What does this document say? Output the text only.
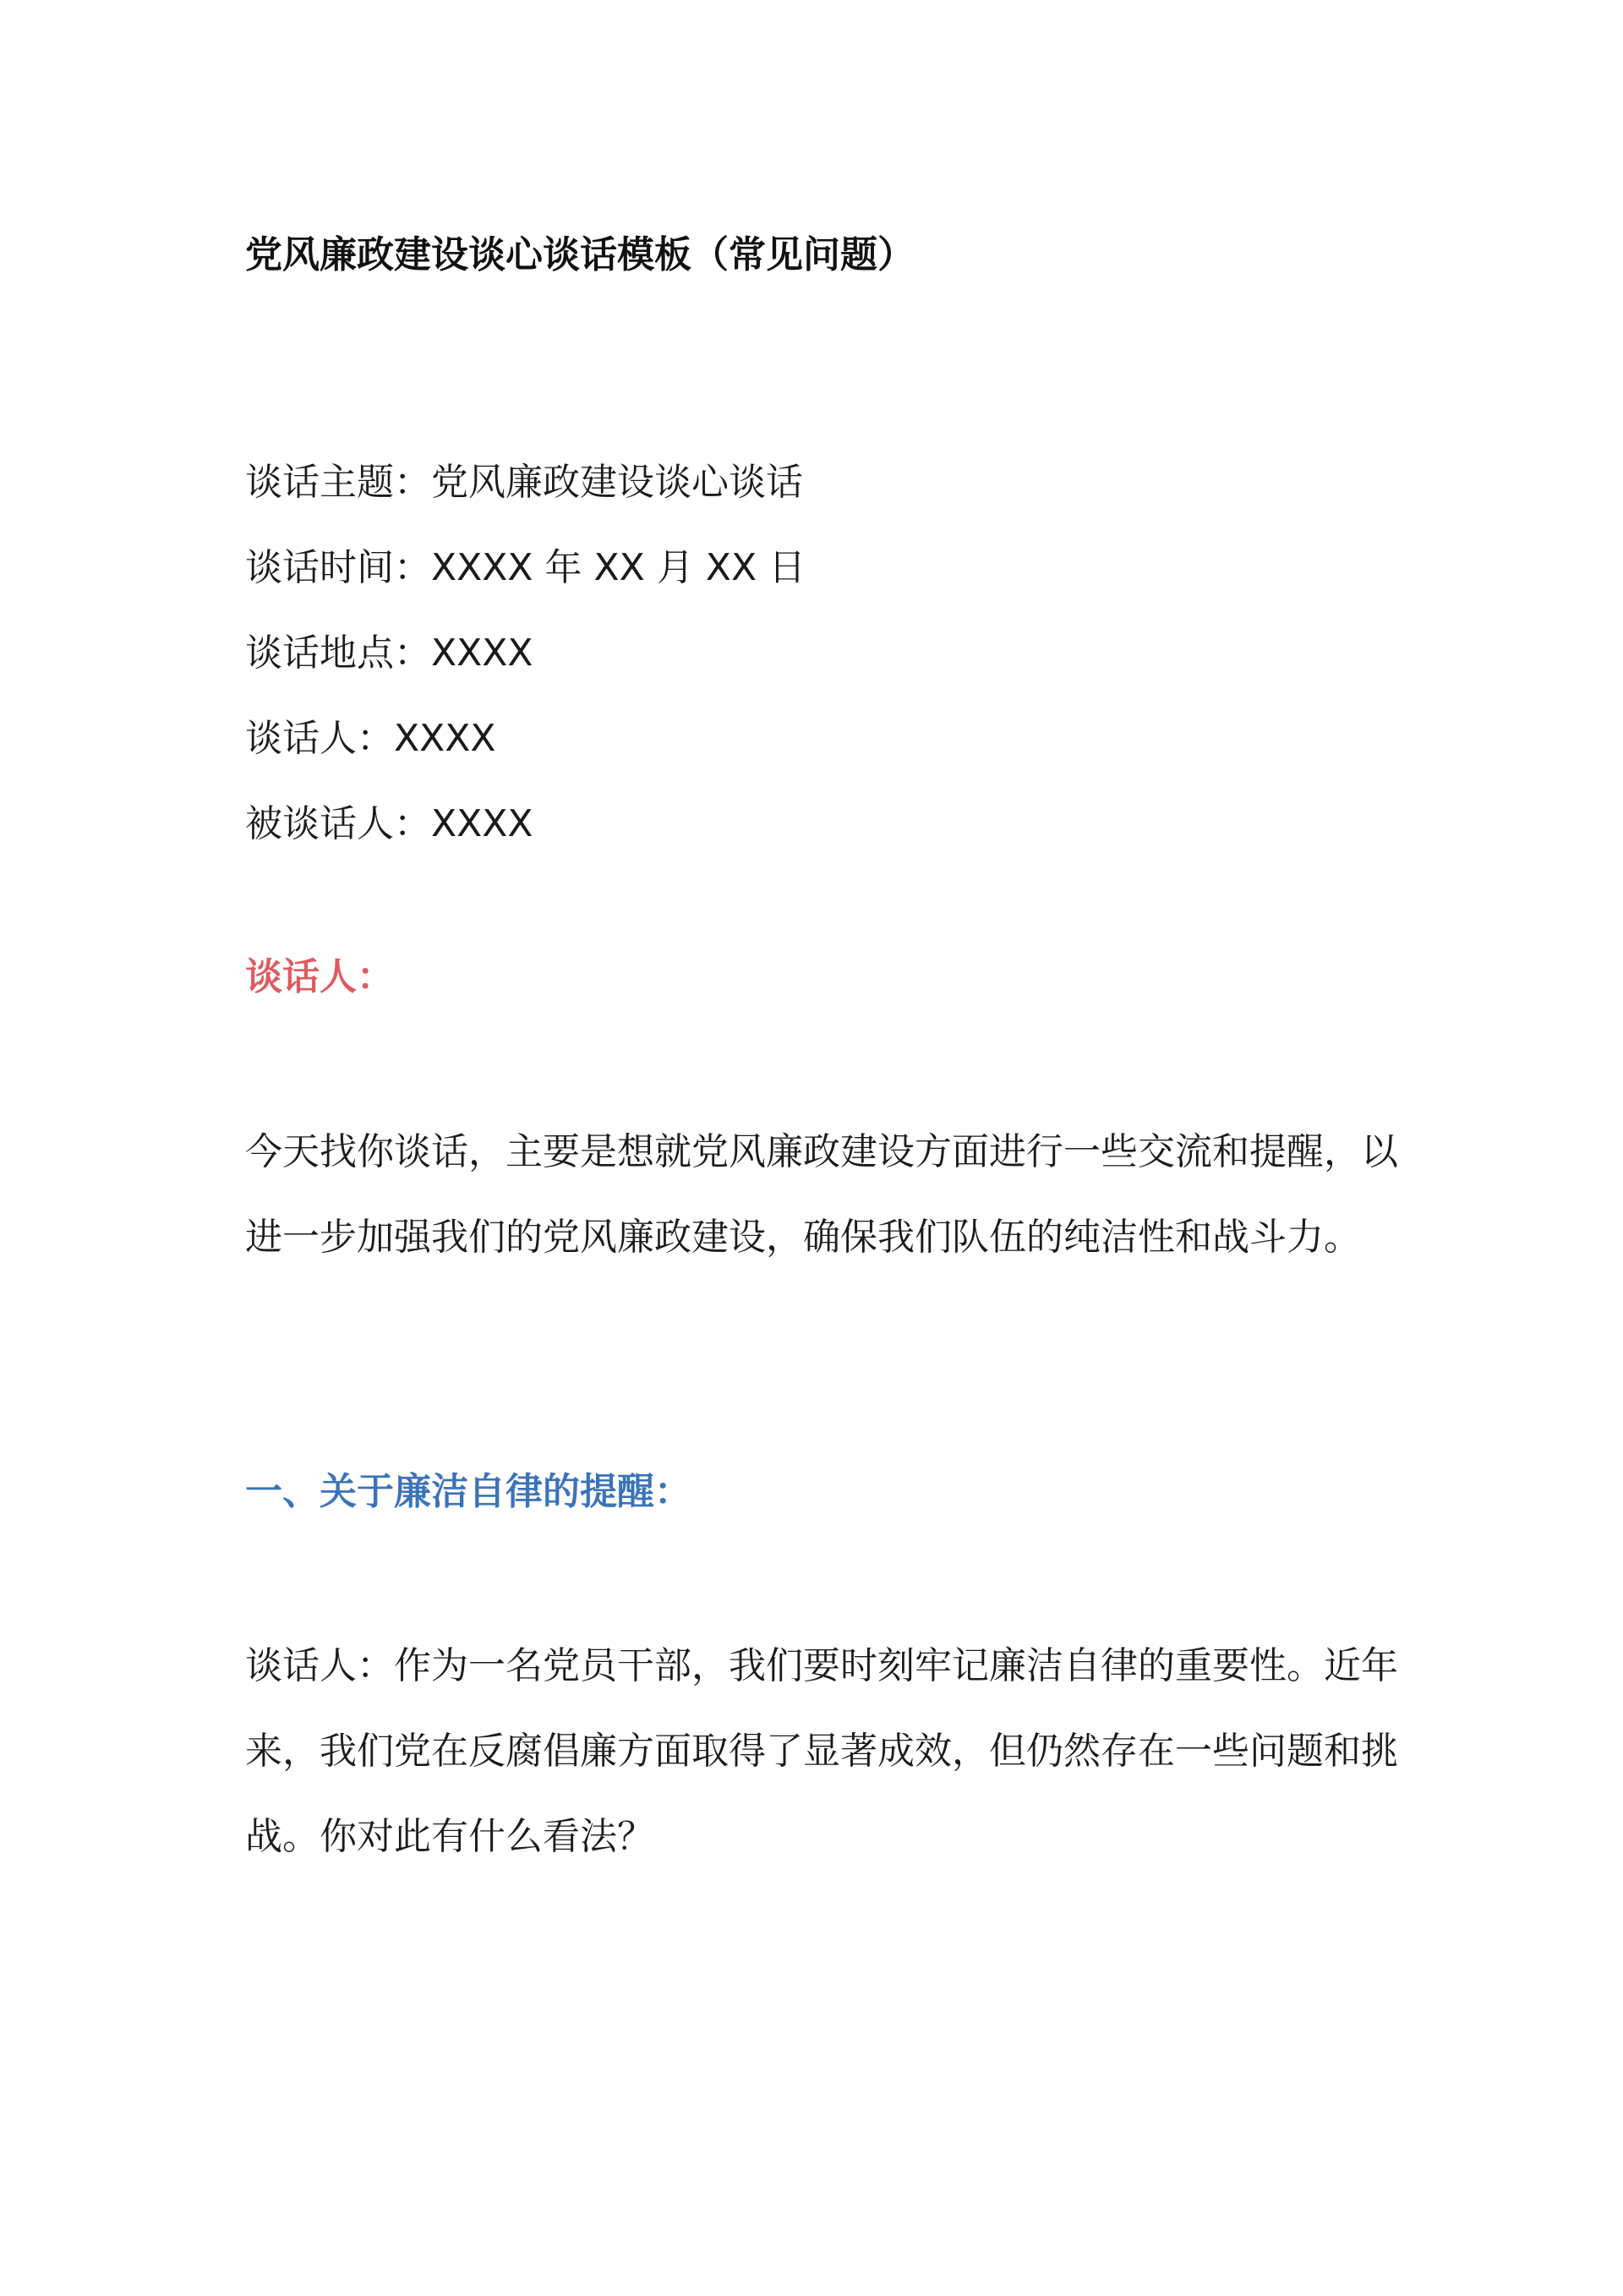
党风廉政建设谈心谈话模板（常见问题）
谈话主题：党风廉政建设谈心谈话
谈话时间：XXXX 年 XX 月 XX 日
谈话地点：XXXX
谈话人：XXXX
被谈话人：XXXX
谈话人：

今天找你谈话，主要是想就党风廉政建设方面进行一些交流和提醒，以进一步加强我们的党风廉政建设，确保我们队伍的纯洁性和战斗力。

一、关于廉洁自律的提醒：

谈话人：作为一名党员干部，我们要时刻牢记廉洁自律的重要性。近年来，我们党在反腐倡廉方面取得了显著成效，但仍然存在一些问题和挑战。你对此有什么看法？
